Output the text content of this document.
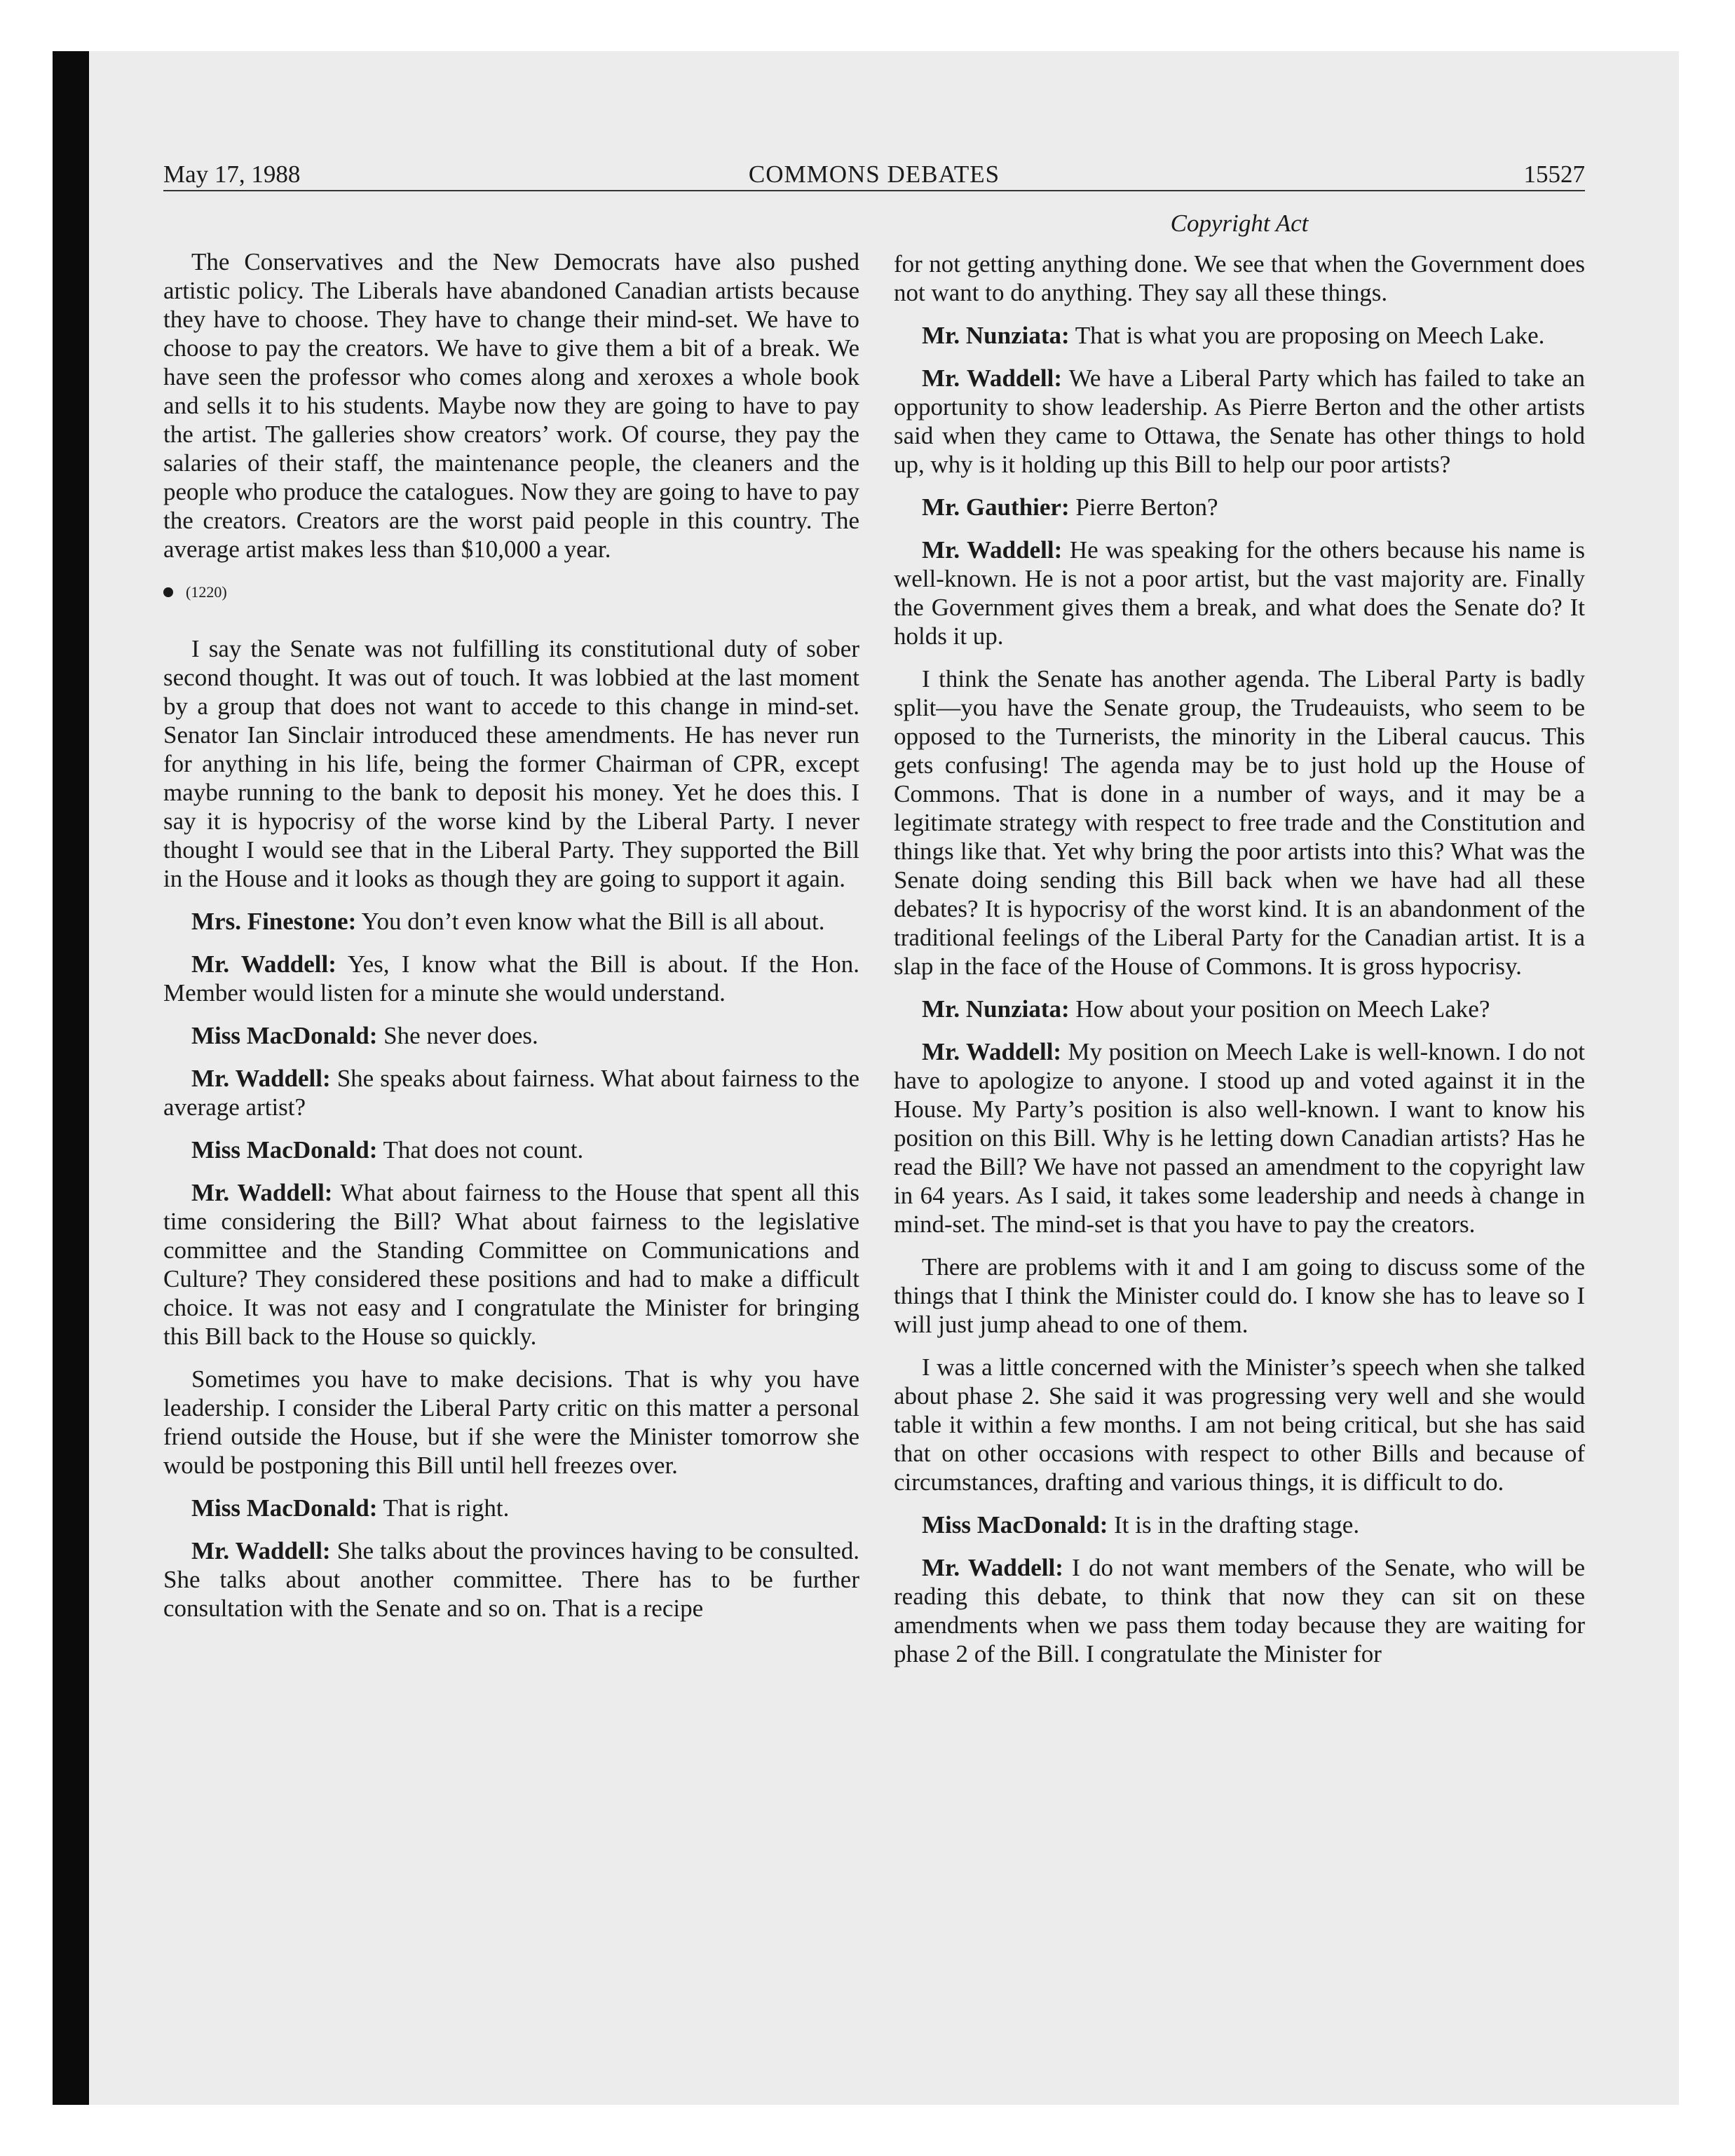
May 17, 1988	COMMONS DEBATES	15527
Copyright Act

The Conservatives and the New Democrats have also pushed artistic policy. The Liberals have abandoned Canadian artists because they have to choose. They have to change their mind-set. We have to choose to pay the creators. We have to give them a bit of a break. We have seen the professor who comes along and xeroxes a whole book and sells it to his students. Maybe now they are going to have to pay the artist. The galleries show creators’ work. Of course, they pay the salaries of their staff, the maintenance people, the cleaners and the people who produce the catalogues. Now they are going to have to pay the creators. Creators are the worst paid people in this country. The average artist makes less than $10,000 a year.

(1220)

I say the Senate was not fulfilling its constitutional duty of sober second thought. It was out of touch. It was lobbied at the last moment by a group that does not want to accede to this change in mind-set. Senator Ian Sinclair introduced these amendments. He has never run for anything in his life, being the former Chairman of CPR, except maybe running to the bank to deposit his money. Yet he does this. I say it is hypocrisy of the worse kind by the Liberal Party. I never thought I would see that in the Liberal Party. They supported the Bill in the House and it looks as though they are going to support it again.

Mrs. Finestone: You don’t even know what the Bill is all about.

Mr. Waddell: Yes, I know what the Bill is about. If the Hon. Member would listen for a minute she would understand.

Miss MacDonald: She never does.

Mr. Waddell: She speaks about fairness. What about fairness to the average artist?

Miss MacDonald: That does not count.

Mr. Waddell: What about fairness to the House that spent all this time considering the Bill? What about fairness to the legislative committee and the Standing Committee on Communications and Culture? They considered these positions and had to make a difficult choice. It was not easy and I congratulate the Minister for bringing this Bill back to the House so quickly.

Sometimes you have to make decisions. That is why you have leadership. I consider the Liberal Party critic on this matter a personal friend outside the House, but if she were the Minister tomorrow she would be postponing this Bill until hell freezes over.

Miss MacDonald: That is right.

Mr. Waddell: She talks about the provinces having to be consulted. She talks about another committee. There has to be further consultation with the Senate and so on. That is a recipe

for not getting anything done. We see that when the Government does not want to do anything. They say all these things.

Mr. Nunziata: That is what you are proposing on Meech Lake.

Mr. Waddell: We have a Liberal Party which has failed to take an opportunity to show leadership. As Pierre Berton and the other artists said when they came to Ottawa, the Senate has other things to hold up, why is it holding up this Bill to help our poor artists?

Mr. Gauthier: Pierre Berton?

Mr. Waddell: He was speaking for the others because his name is well-known. He is not a poor artist, but the vast majority are. Finally the Government gives them a break, and what does the Senate do? It holds it up.

I think the Senate has another agenda. The Liberal Party is badly split—you have the Senate group, the Trudeauists, who seem to be opposed to the Turnerists, the minority in the Liberal caucus. This gets confusing! The agenda may be to just hold up the House of Commons. That is done in a number of ways, and it may be a legitimate strategy with respect to free trade and the Constitution and things like that. Yet why bring the poor artists into this? What was the Senate doing sending this Bill back when we have had all these debates? It is hypocrisy of the worst kind. It is an abandonment of the traditional feelings of the Liberal Party for the Canadian artist. It is a slap in the face of the House of Commons. It is gross hypocrisy.

Mr. Nunziata: How about your position on Meech Lake?

Mr. Waddell: My position on Meech Lake is well-known. I do not have to apologize to anyone. I stood up and voted against it in the House. My Party’s position is also well-known. I want to know his position on this Bill. Why is he letting down Canadian artists? Has he read the Bill? We have not passed an amendment to the copyright law in 64 years. As I said, it takes some leadership and needs à change in mind-set. The mind-set is that you have to pay the creators.

There are problems with it and I am going to discuss some of the things that I think the Minister could do. I know she has to leave so I will just jump ahead to one of them.

I was a little concerned with the Minister’s speech when she talked about phase 2. She said it was progressing very well and she would table it within a few months. I am not being critical, but she has said that on other occasions with respect to other Bills and because of circumstances, drafting and various things, it is difficult to do.

Miss MacDonald: It is in the drafting stage.

Mr. Waddell: I do not want members of the Senate, who will be reading this debate, to think that now they can sit on these amendments when we pass them today because they are waiting for phase 2 of the Bill. I congratulate the Minister for
